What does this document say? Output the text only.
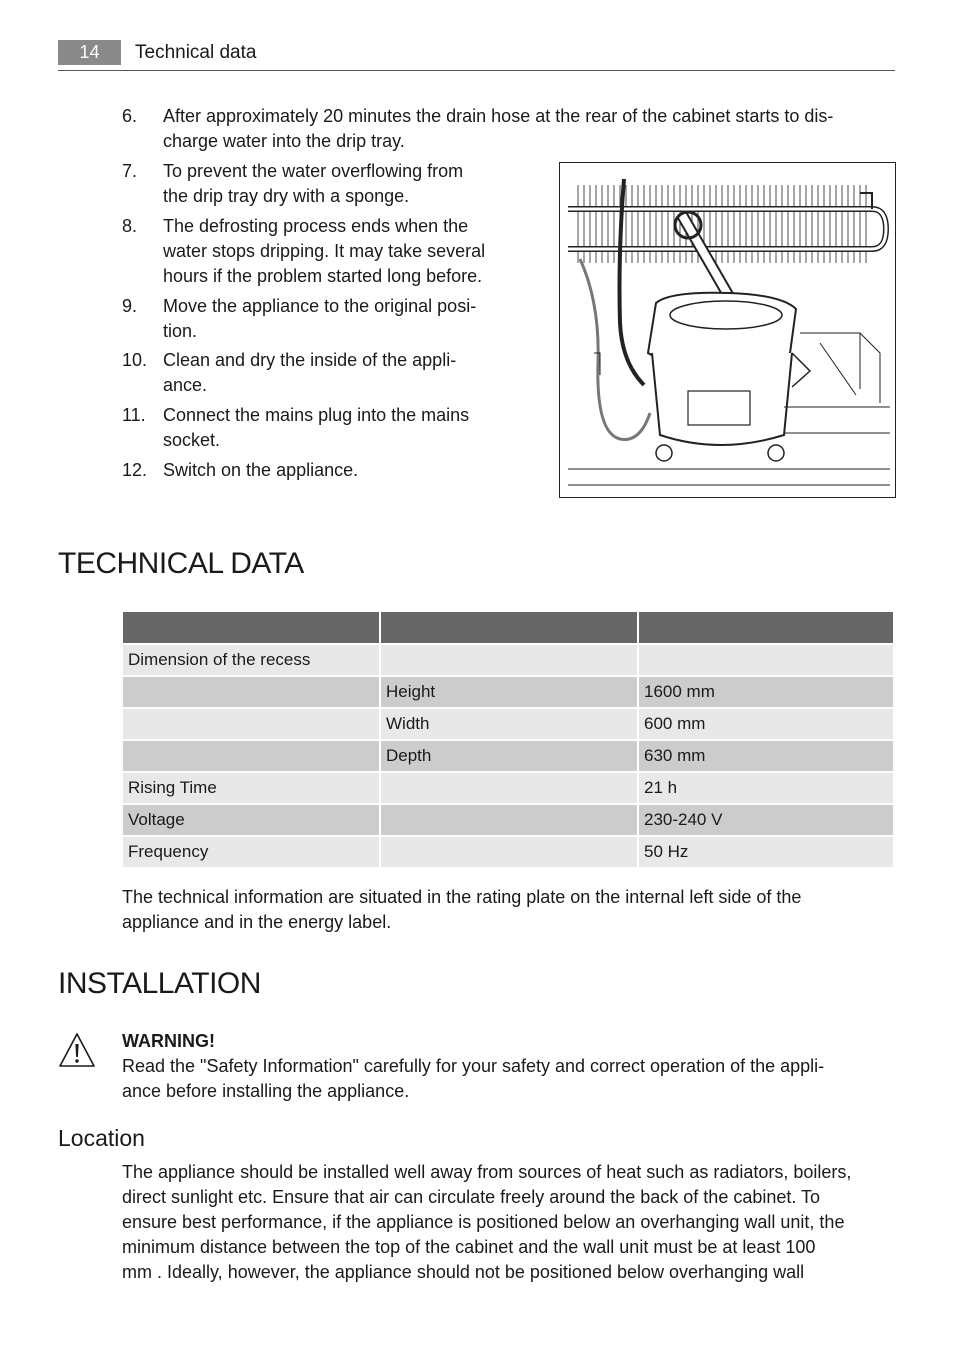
14	Technical data
6.	After approximately 20 minutes the drain hose at the rear of the cabinet starts to dis-
charge water into the drip tray.
7.	To prevent the water overflowing from
the drip tray dry with a sponge.
8.	The defrosting process ends when the
water stops dripping. It may take several
hours if the problem started long before.
9.	Move the appliance to the original posi-
tion.
10. Clean and dry the inside of the appli-
ance.
11. Connect the mains plug into the mains
socket.
12. Switch on the appliance.
TECHNICAL DATA

Dimension of the recess		
	Height	1600 mm
	Width	600 mm
	Depth	630 mm
Rising Time		21 h
Voltage		230-240 V
Frequency		50 Hz
The technical information are situated in the rating plate on the internal left side of the
appliance and in the energy label.
INSTALLATION
WARNING!
Read the "Safety Information" carefully for your safety and correct operation of the appli-
ance before installing the appliance.
Location
The appliance should be installed well away from sources of heat such as radiators, boilers,
direct sunlight etc. Ensure that air can circulate freely around the back of the cabinet. To
ensure best performance, if the appliance is positioned below an overhanging wall unit, the
minimum distance between the top of the cabinet and the wall unit must be at least 100
mm . Ideally, however, the appliance should not be positioned below overhanging wall
